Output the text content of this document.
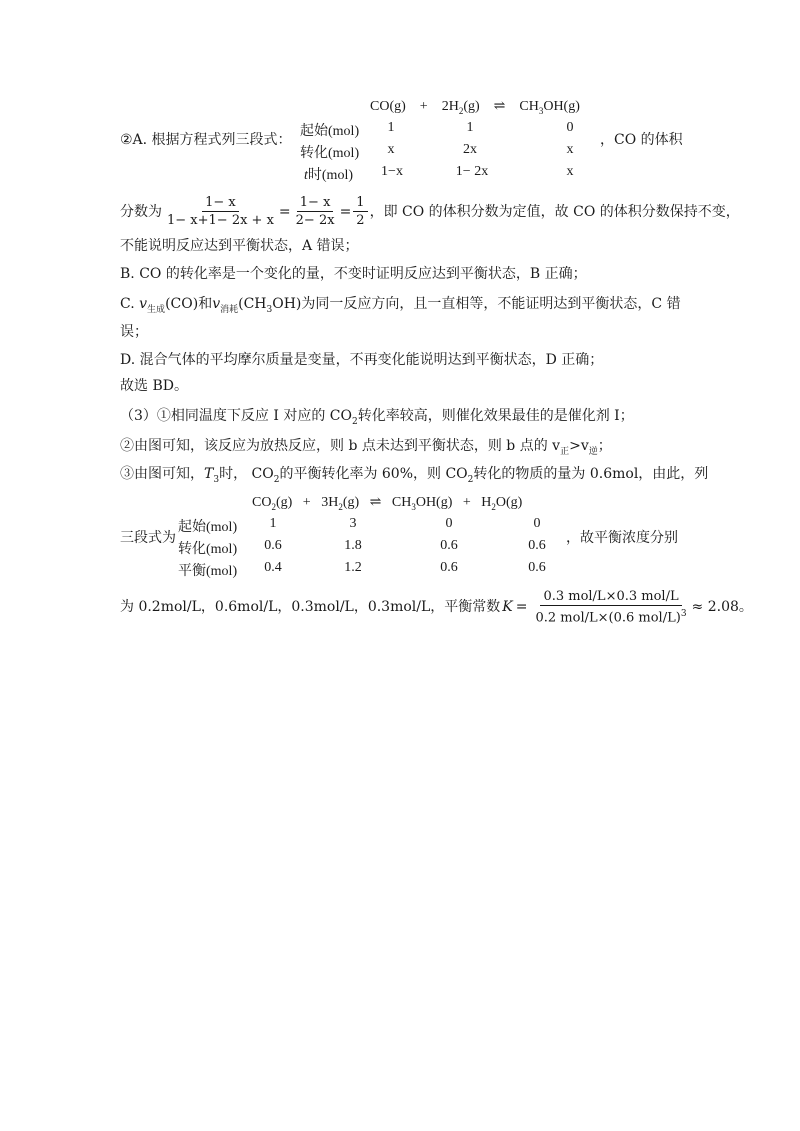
$CO(g) + 2H_2(g)$ ⇌ $CH_3OH(g)$
②A. 根据方程式列三段式：
起始(mol)	1	1	0
转化(mol)	x	2x	x
t时(mol)	1−x	1− 2x	x
，CO 的体积
分数为 $\frac{1- x}{1- x+1- 2x + x} = \frac{1- x}{2- 2x} = \frac{1}{2}$ ，即 CO 的体积分数为定值，故 CO 的体积分数保持不变，
不能说明反应达到平衡状态，A 错误；
B. CO 的转化率是一个变化的量，不变时证明反应达到平衡状态，B 正确；
C. $v_{生成}(CO)$和$v_{消耗}(CH_3OH)$为同一反应方向，且一直相等，不能证明达到平衡状态，C 错
误；
D. 混合气体的平均摩尔质量是变量，不再变化能说明达到平衡状态，D 正确；
故选 BD。
（3）①相同温度下反应 I 对应的 $CO_2$转化率较高，则催化效果最佳的是催化剂 I；
②由图可知，该反应为放热反应，则 b 点未达到平衡状态，则 b 点的 $v_正>v_逆$；
③由图可知，$T_3$时， $CO_2$的平衡转化率为 60%，则 $CO_2$转化的物质的量为 0.6mol，由此，列
$CO_2(g) + 3H_2(g)$ ⇌ $CH_3OH(g) + H_2O(g)$
三段式为
起始(mol)	1	3	0	0
转化(mol)	0.6	1.8	0.6	0.6
平衡(mol)	0.4	1.2	0.6	0.6
，故平衡浓度分别
为 0.2mol/L，0.6mol/L，0.3mol/L，0.3mol/L，平衡常数 $K = \frac{\text{0.3 mol/L×0.3 mol/L}}{0.2 mol/L\times(0.6 mol/L)^3} \approx 2.08$ 。
